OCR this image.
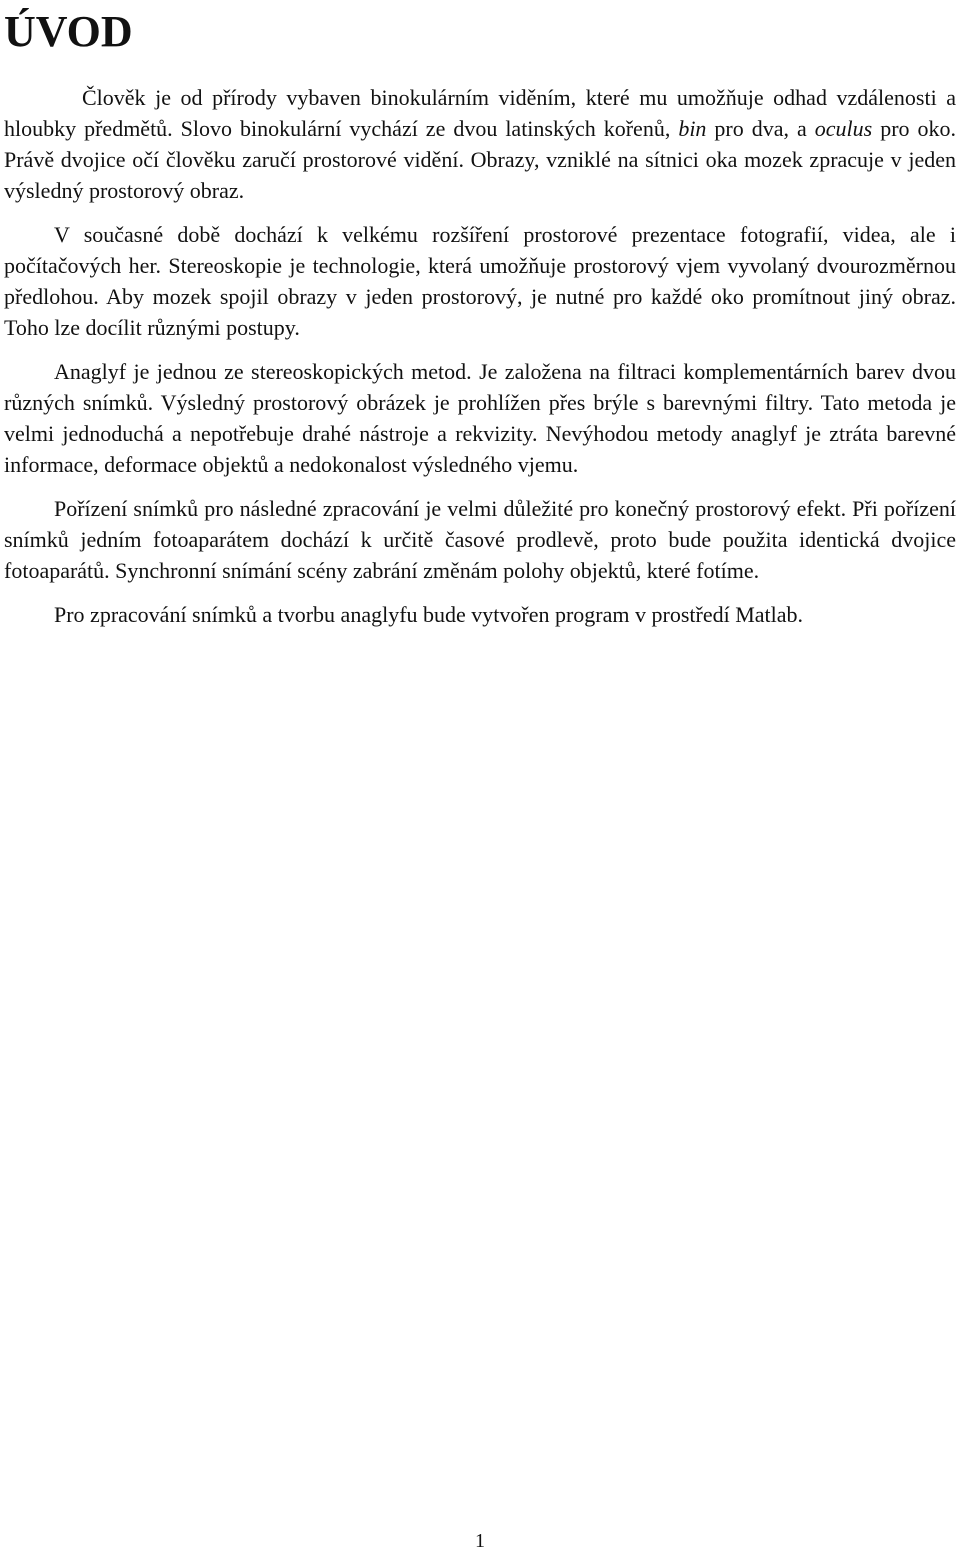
ÚVOD

Člověk je od přírody vybaven binokulárním viděním, které mu umožňuje odhad vzdálenosti a hloubky předmětů. Slovo binokulární vychází ze dvou latinských kořenů, bin pro dva, a oculus pro oko. Právě dvojice očí člověku zaručí prostorové vidění. Obrazy, vzniklé na sítnici oka mozek zpracuje v jeden výsledný prostorový obraz.

V současné době dochází k velkému rozšíření prostorové prezentace fotografií, videa, ale i počítačových her. Stereoskopie je technologie, která umožňuje prostorový vjem vyvolaný dvourozměrnou předlohou. Aby mozek spojil obrazy v jeden prostorový, je nutné pro každé oko promítnout jiný obraz. Toho lze docílit různými postupy.

Anaglyf je jednou ze stereoskopických metod. Je založena na filtraci komplementárních barev dvou různých snímků. Výsledný prostorový obrázek je prohlížen přes brýle s barevnými filtry. Tato metoda je velmi jednoduchá a nepotřebuje drahé nástroje a rekvizity. Nevýhodou metody anaglyf je ztráta barevné informace, deformace objektů a nedokonalost výsledného vjemu.

Pořízení snímků pro následné zpracování je velmi důležité pro konečný prostorový efekt. Při pořízení snímků jedním fotoaparátem dochází k určitě časové prodlevě, proto bude použita identická dvojice fotoaparátů. Synchronní snímání scény zabrání změnám polohy objektů, které fotíme.

Pro zpracování snímků a tvorbu anaglyfu bude vytvořen program v prostředí Matlab.

1
